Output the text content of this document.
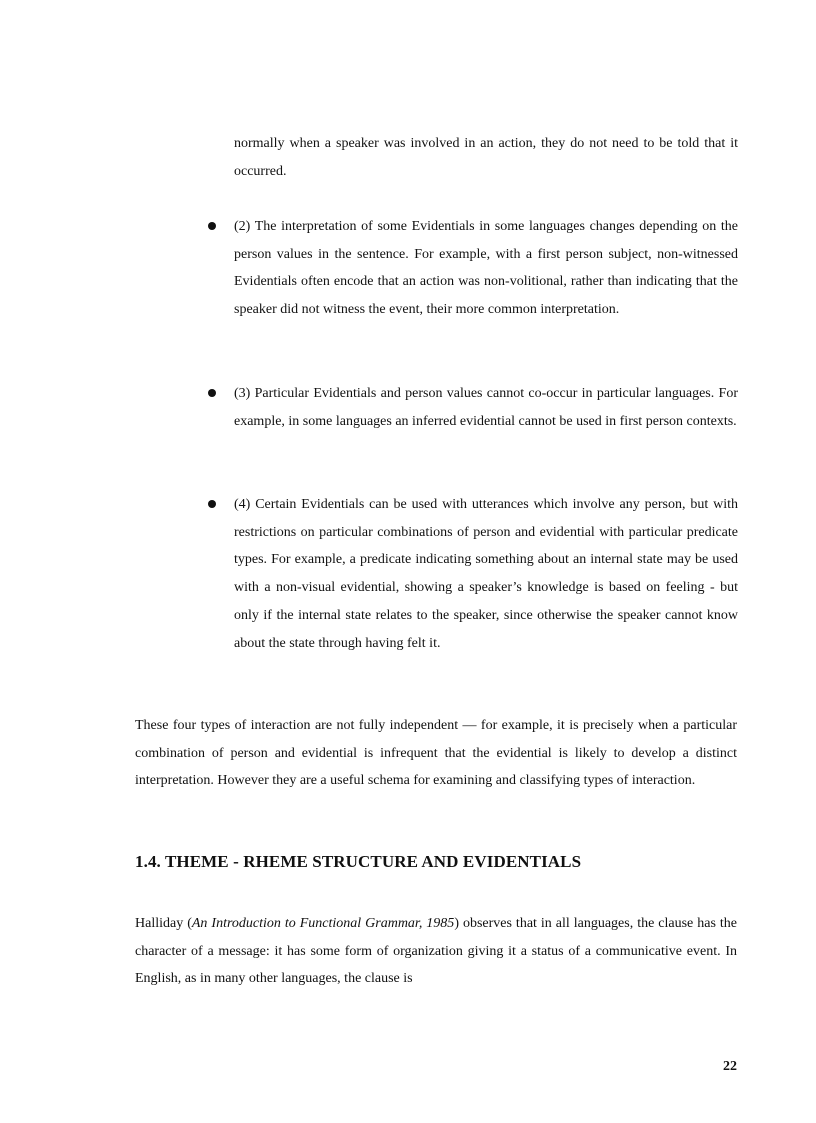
normally when a speaker was involved in an action, they do not need to be told that it occurred.

(2) The interpretation of some Evidentials in some languages changes depending on the person values in the sentence. For example, with a first person subject, non-witnessed Evidentials often encode that an action was non-volitional, rather than indicating that the speaker did not witness the event, their more common interpretation.

(3) Particular Evidentials and person values cannot co-occur in particular languages. For example, in some languages an inferred evidential cannot be used in first person contexts.

(4) Certain Evidentials can be used with utterances which involve any person, but with restrictions on particular combinations of person and evidential with particular predicate types. For example, a predicate indicating something about an internal state may be used with a non-visual evidential, showing a speaker’s knowledge is based on feeling - but only if the internal state relates to the speaker, since otherwise the speaker cannot know about the state through having felt it.

These four types of interaction are not fully independent — for example, it is precisely when a particular combination of person and evidential is infrequent that the evidential is likely to develop a distinct interpretation. However they are a useful schema for examining and classifying types of interaction.

1.4. THEME - RHEME STRUCTURE AND EVIDENTIALS

Halliday (An Introduction to Functional Grammar, 1985) observes that in all languages, the clause has the character of a message: it has some form of organization giving it a status of a communicative event. In English, as in many other languages, the clause is

22
